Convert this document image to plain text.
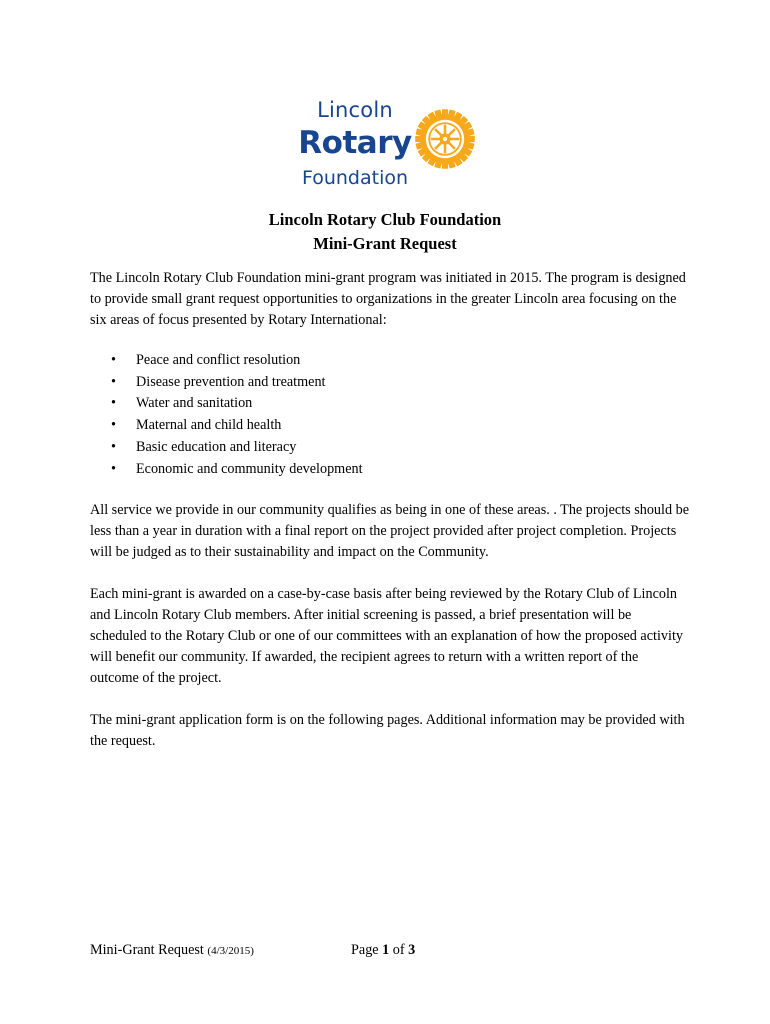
Lincoln
Rotary
Foundation
Lincoln Rotary Club Foundation
Mini-Grant Request

The Lincoln Rotary Club Foundation mini-grant program was initiated in 2015. The program is designed to provide small grant request opportunities to organizations in the greater Lincoln area focusing on the six areas of focus presented by Rotary International:

• Peace and conflict resolution
• Disease prevention and treatment
• Water and sanitation
• Maternal and child health
• Basic education and literacy
• Economic and community development

All service we provide in our community qualifies as being in one of these areas. . The projects should be less than a year in duration with a final report on the project provided after project completion. Projects will be judged as to their sustainability and impact on the Community.

Each mini-grant is awarded on a case-by-case basis after being reviewed by the Rotary Club of Lincoln and Lincoln Rotary Club members. After initial screening is passed, a brief presentation will be scheduled to the Rotary Club or one of our committees with an explanation of how the proposed activity will benefit our community. If awarded, the recipient agrees to return with a written report of the outcome of the project.

The mini-grant application form is on the following pages. Additional information may be provided with the request.

Mini-Grant Request (4/3/2015)	Page 1 of 3
